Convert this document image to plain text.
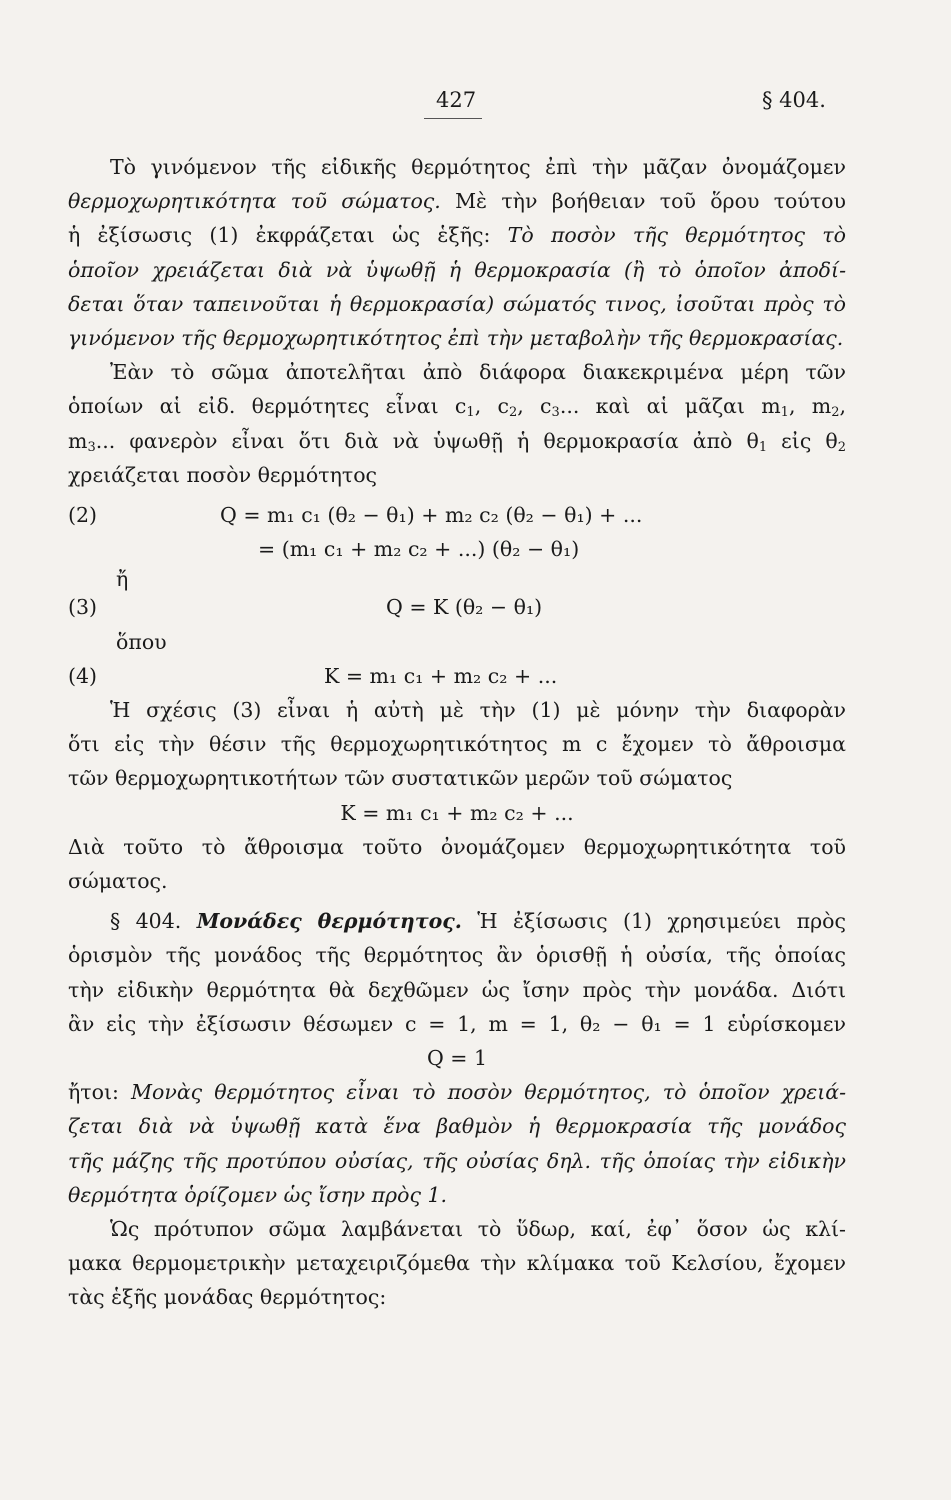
427	§ 404.
Τὸ γινόμενον τῆς εἰδικῆς θερμότητος ἐπὶ τὴν μᾶζαν ὀνομάζομεν
θερμοχωρητικότητα τοῦ σώματος. Μὲ τὴν βοήθειαν τοῦ ὅρου τούτου
ἡ ἐξίσωσις (1) ἐκφράζεται ὡς ἑξῆς: Τὸ ποσὸν τῆς θερμότητος τὸ
ὁποῖον χρειάζεται διὰ νὰ ὑψωθῇ ἡ θερμοκρασία (ἢ τὸ ὁποῖον ἀποδί-
δεται ὅταν ταπεινοῦται ἡ θερμοκρασία) σώματός τινος, ἰσοῦται πρὸς τὸ
γινόμενον τῆς θερμοχωρητικότητος ἐπὶ τὴν μεταβολὴν τῆς θερμοκρασίας.
Ἐὰν τὸ σῶμα ἀποτελῆται ἀπὸ διάφορα διακεκριμένα μέρη τῶν
ὁποίων αἱ εἰδ. θερμότητες εἶναι $c_1$, $c_2$, $c_3$... καὶ αἱ μᾶζαι $m_1$, $m_2$,
$m_3$... φανερὸν εἶναι ὅτι διὰ νὰ ὑψωθῇ ἡ θερμοκρασία ἀπὸ $\theta_1$ εἰς $\theta_2$
χρειάζεται ποσὸν θερμότητος
(2)	Q = m₁ c₁ (θ₂ − θ₁) + m₂ c₂ (θ₂ − θ₁) + ...
= (m₁ c₁ + m₂ c₂ + ...) (θ₂ − θ₁)
ἤ
(3)	Q = K (θ₂ − θ₁)
ὅπου
(4)	K = m₁ c₁ + m₂ c₂ + ...
Ἡ σχέσις (3) εἶναι ἡ αὐτὴ μὲ τὴν (1) μὲ μόνην τὴν διαφορὰν
ὅτι εἰς τὴν θέσιν τῆς θερμοχωρητικότητος m c ἔχομεν τὸ ἄθροισμα
τῶν θερμοχωρητικοτήτων τῶν συστατικῶν μερῶν τοῦ σώματος
K = m₁ c₁ + m₂ c₂ + ...
Διὰ τοῦτο τὸ ἄθροισμα τοῦτο ὀνομάζομεν θερμοχωρητικότητα τοῦ
σώματος.
§ 404. Μονάδες θερμότητος. Ἡ ἐξίσωσις (1) χρησιμεύει πρὸς
ὁρισμὸν τῆς μονάδος τῆς θερμότητος ἂν ὁρισθῇ ἡ οὐσία, τῆς ὁποίας
τὴν εἰδικὴν θερμότητα θὰ δεχθῶμεν ὡς ἴσην πρὸς τὴν μονάδα. Διότι
ἂν εἰς τὴν ἐξίσωσιν θέσωμεν c = 1, m = 1, θ₂ − θ₁ = 1 εὑρίσκομεν
Q = 1
ἤτοι: Μονὰς θερμότητος εἶναι τὸ ποσὸν θερμότητος, τὸ ὁποῖον χρειά-
ζεται διὰ νὰ ὑψωθῇ κατὰ ἕνα βαθμὸν ἡ θερμοκρασία τῆς μονάδος
τῆς μάζης τῆς προτύπου οὐσίας, τῆς οὐσίας δηλ. τῆς ὁποίας τὴν εἰδικὴν
θερμότητα ὁρίζομεν ὡς ἴσην πρὸς 1.
Ὡς πρότυπον σῶμα λαμβάνεται τὸ ὕδωρ, καί, ἐφ᾽ ὅσον ὡς κλί-
μακα θερμομετρικὴν μεταχειριζόμεθα τὴν κλίμακα τοῦ Κελσίου, ἔχομεν
τὰς ἑξῆς μονάδας θερμότητος:
